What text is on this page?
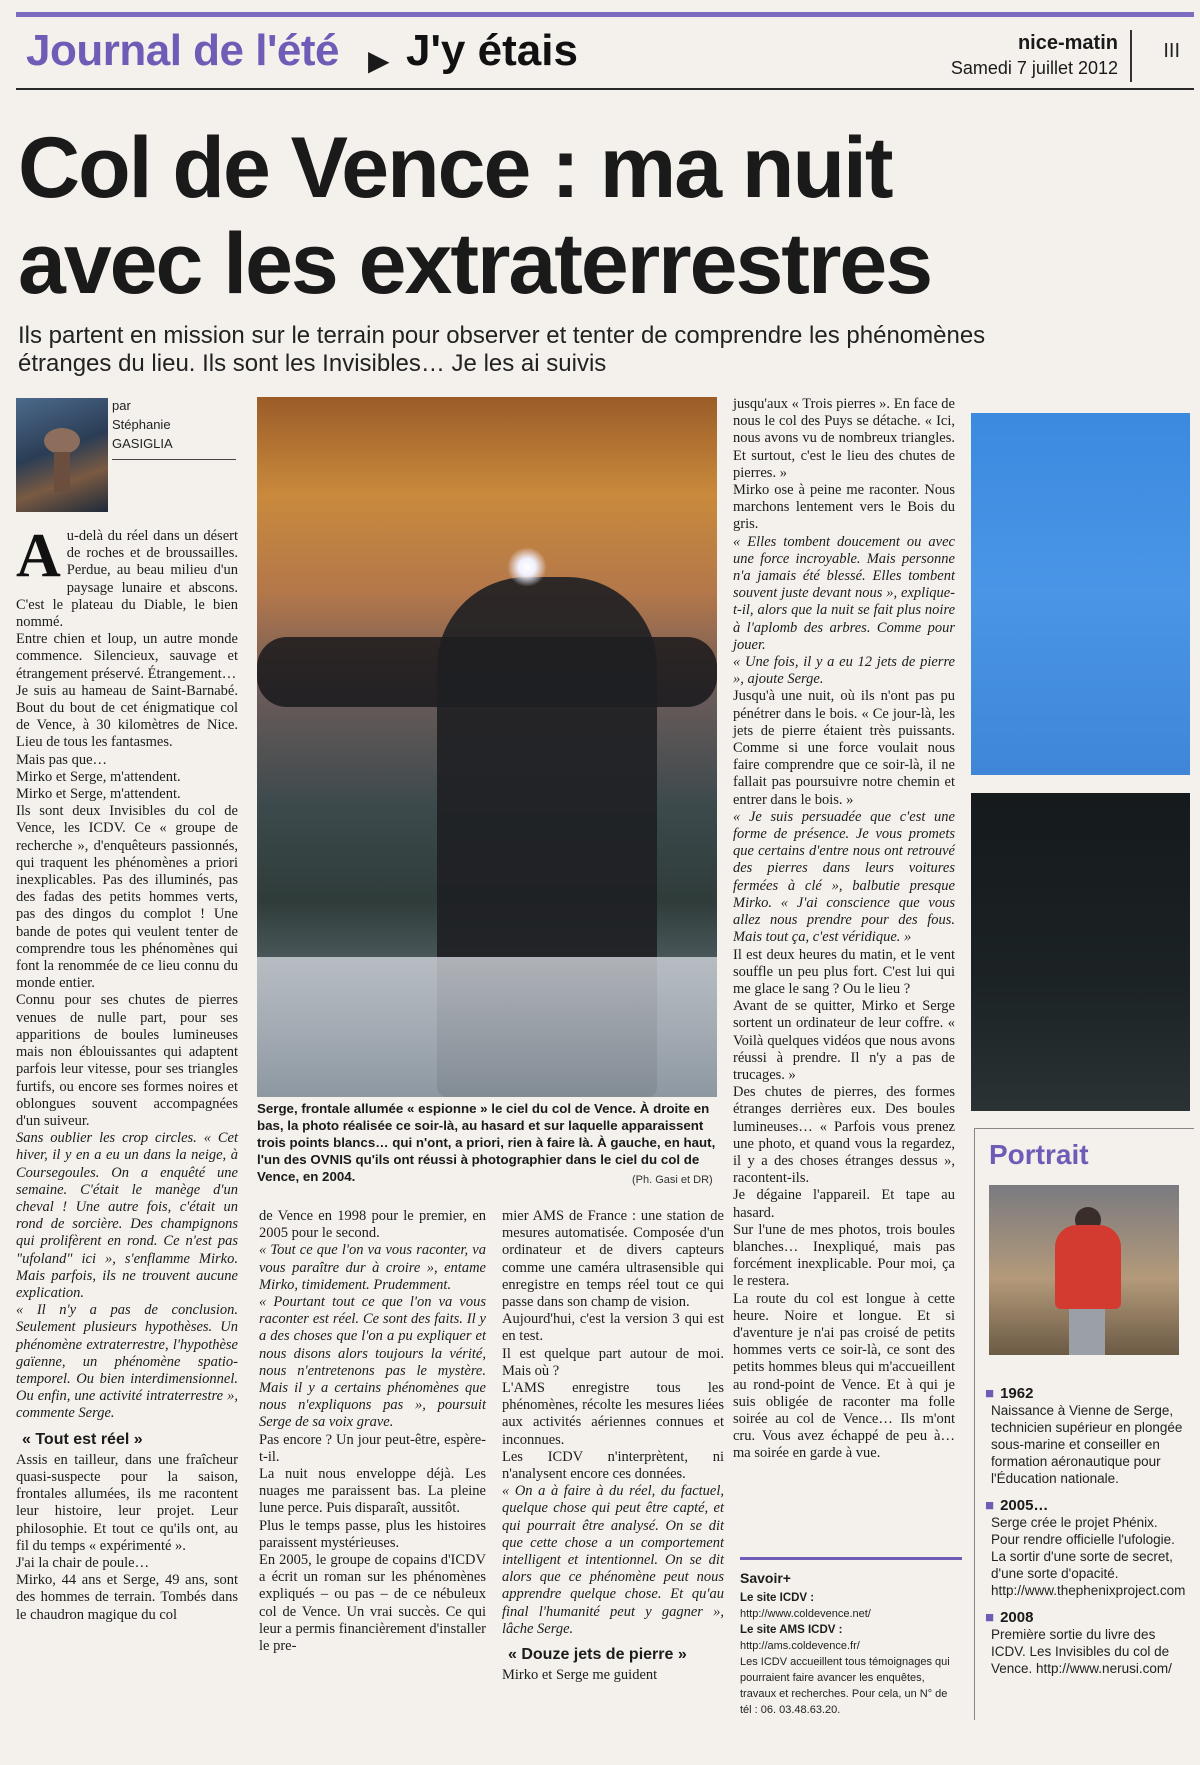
Journal de l'été ▶ J'y étais	nice-matin
Samedi 7 juillet 2012
III
Col de Vence : ma nuit
avec les extraterrestres
Ils partent en mission sur le terrain pour observer et tenter de comprendre les phénomènes
étranges du lieu. Ils sont les Invisibles… Je les ai suivis
par
Stéphanie
GASIGLIA

Au-delà du réel dans un désert de roches et de broussailles. Perdue, au beau milieu d'un paysage lunaire et abscons. C'est le plateau du Diable, le bien nommé.

Entre chien et loup, un autre monde commence. Silencieux, sauvage et étrangement préservé. Étrangement…

Je suis au hameau de Saint-Barnabé. Bout du bout de cet énigmatique col de Vence, à 30 kilomètres de Nice. Lieu de tous les fantasmes.

Mais pas que…

Mirko et Serge, m'attendent.

Mirko et Serge, m'attendent.

Ils sont deux Invisibles du col de Vence, les ICDV. Ce « groupe de recherche », d'enquêteurs passionnés, qui traquent les phénomènes a priori inexplicables. Pas des illuminés, pas des fadas des petits hommes verts, pas des dingos du complot ! Une bande de potes qui veulent tenter de comprendre tous les phénomènes qui font la renommée de ce lieu connu du monde entier.

Connu pour ses chutes de pierres venues de nulle part, pour ses apparitions de boules lumineuses mais non éblouissantes qui adaptent parfois leur vitesse, pour ses triangles furtifs, ou encore ses formes noires et oblongues souvent accompagnées d'un suiveur.

Sans oublier les crop circles. « Cet hiver, il y en a eu un dans la neige, à Coursegoules. On a enquêté une semaine. C'était le manège d'un cheval ! Une autre fois, c'était un rond de sorcière. Des champignons qui prolifèrent en rond. Ce n'est pas "ufoland" ici », s'enflamme Mirko. Mais parfois, ils ne trouvent aucune explication.

« Il n'y a pas de conclusion. Seulement plusieurs hypothèses. Un phénomène extraterrestre, l'hypothèse gaïenne, un phénomène spatio-temporel. Ou bien interdimensionnel. Ou enfin, une activité intraterrestre », commente Serge.

« Tout est réel »

Assis en tailleur, dans une fraîcheur quasi-suspecte pour la saison, frontales allumées, ils me racontent leur histoire, leur projet. Leur philosophie. Et tout ce qu'ils ont, au fil du temps « expérimenté ».

J'ai la chair de poule…

Mirko, 44 ans et Serge, 49 ans, sont des hommes de terrain. Tombés dans le chaudron magique du col

Serge, frontale allumée « espionne » le ciel du col de Vence. À droite en bas, la photo réalisée ce soir-là, au hasard et sur laquelle apparaissent trois points blancs… qui n'ont, a priori, rien à faire là. À gauche, en haut, l'un des OVNIS qu'ils ont réussi à photographier dans le ciel du col de Vence, en 2004.	(Ph. Gasi et DR)

de Vence en 1998 pour le premier, en 2005 pour le second.

« Tout ce que l'on va vous raconter, va vous paraître dur à croire », entame Mirko, timidement. Prudemment.

« Pourtant tout ce que l'on va vous raconter est réel. Ce sont des faits. Il y a des choses que l'on a pu expliquer et nous disons alors toujours la vérité, nous n'entretenons pas le mystère. Mais il y a certains phénomènes que nous n'expliquons pas », poursuit Serge de sa voix grave.

Pas encore ? Un jour peut-être, espère-t-il.

La nuit nous enveloppe déjà. Les nuages me paraissent bas. La pleine lune perce. Puis disparaît, aussitôt.

Plus le temps passe, plus les histoires paraissent mystérieuses.

En 2005, le groupe de copains d'ICDV a écrit un roman sur les phénomènes expliqués – ou pas – de ce nébuleux col de Vence. Un vrai succès. Ce qui leur a permis financièrement d'installer le pre-

mier AMS de France : une station de mesures automatisée. Composée d'un ordinateur et de divers capteurs comme une caméra ultrasensible qui enregistre en temps réel tout ce qui passe dans son champ de vision.

Aujourd'hui, c'est la version 3 qui est en test.

Il est quelque part autour de moi. Mais où ?

L'AMS enregistre tous les phénomènes, récolte les mesures liées aux activités aériennes connues et inconnues.

Les ICDV n'interprètent, ni n'analysent encore ces données.

« On a à faire à du réel, du factuel, quelque chose qui peut être capté, et qui pourrait être analysé. On se dit que cette chose a un comportement intelligent et intentionnel. On se dit alors que ce phénomène peut nous apprendre quelque chose. Et qu'au final l'humanité peut y gagner », lâche Serge.

« Douze jets de pierre »

Mirko et Serge me guident

jusqu'aux « Trois pierres ». En face de nous le col des Puys se détache. « Ici, nous avons vu de nombreux triangles. Et surtout, c'est le lieu des chutes de pierres. »

Mirko ose à peine me raconter. Nous marchons lentement vers le Bois du gris.

« Elles tombent doucement ou avec une force incroyable. Mais personne n'a jamais été blessé. Elles tombent souvent juste devant nous », explique-t-il, alors que la nuit se fait plus noire à l'aplomb des arbres. Comme pour jouer.

« Une fois, il y a eu 12 jets de pierre », ajoute Serge.

Jusqu'à une nuit, où ils n'ont pas pu pénétrer dans le bois. « Ce jour-là, les jets de pierre étaient très puissants. Comme si une force voulait nous faire comprendre que ce soir-là, il ne fallait pas poursuivre notre chemin et entrer dans le bois. »

« Je suis persuadée que c'est une forme de présence. Je vous promets que certains d'entre nous ont retrouvé des pierres dans leurs voitures fermées à clé », balbutie presque Mirko. « J'ai conscience que vous allez nous prendre pour des fous. Mais tout ça, c'est véridique. »

Il est deux heures du matin, et le vent souffle un peu plus fort. C'est lui qui me glace le sang ? Ou le lieu ?

Avant de se quitter, Mirko et Serge sortent un ordinateur de leur coffre. « Voilà quelques vidéos que nous avons réussi à prendre. Il n'y a pas de trucages. »

Des chutes de pierres, des formes étranges derrières eux. Des boules lumineuses… « Parfois vous prenez une photo, et quand vous la regardez, il y a des choses étranges dessus », racontent-ils.

Je dégaine l'appareil. Et tape au hasard.

Sur l'une de mes photos, trois boules blanches… Inexpliqué, mais pas forcément inexplicable. Pour moi, ça le restera.

La route du col est longue à cette heure. Noire et longue. Et si d'aventure je n'ai pas croisé de petits hommes verts ce soir-là, ce sont des petits hommes bleus qui m'accueillent au rond-point de Vence. Et à qui je suis obligée de raconter ma folle soirée au col de Vence… Ils m'ont cru. Vous avez échappé de peu à… ma soirée en garde à vue.

Savoir+
Le site ICDV :
http://www.coldevence.net/
Le site AMS ICDV :
http://ams.coldevence.fr/
Les ICDV accueillent tous témoignages qui pourraient faire avancer les enquêtes, travaux et recherches. Pour cela, un N° de tél : 06. 03.48.63.20.
Portrait
■ 1962
Naissance à Vienne de Serge, technicien supérieur en plongée sous-marine et conseiller en formation aéronautique pour l'Éducation nationale.
■ 2005…
Serge crée le projet Phénix. Pour rendre officielle l'ufologie. La sortir d'une sorte de secret, d'une sorte d'opacité. http://www.thephenixproject.com
■ 2008
Première sortie du livre des ICDV. Les Invisibles du col de Vence. http://www.nerusi.com/
